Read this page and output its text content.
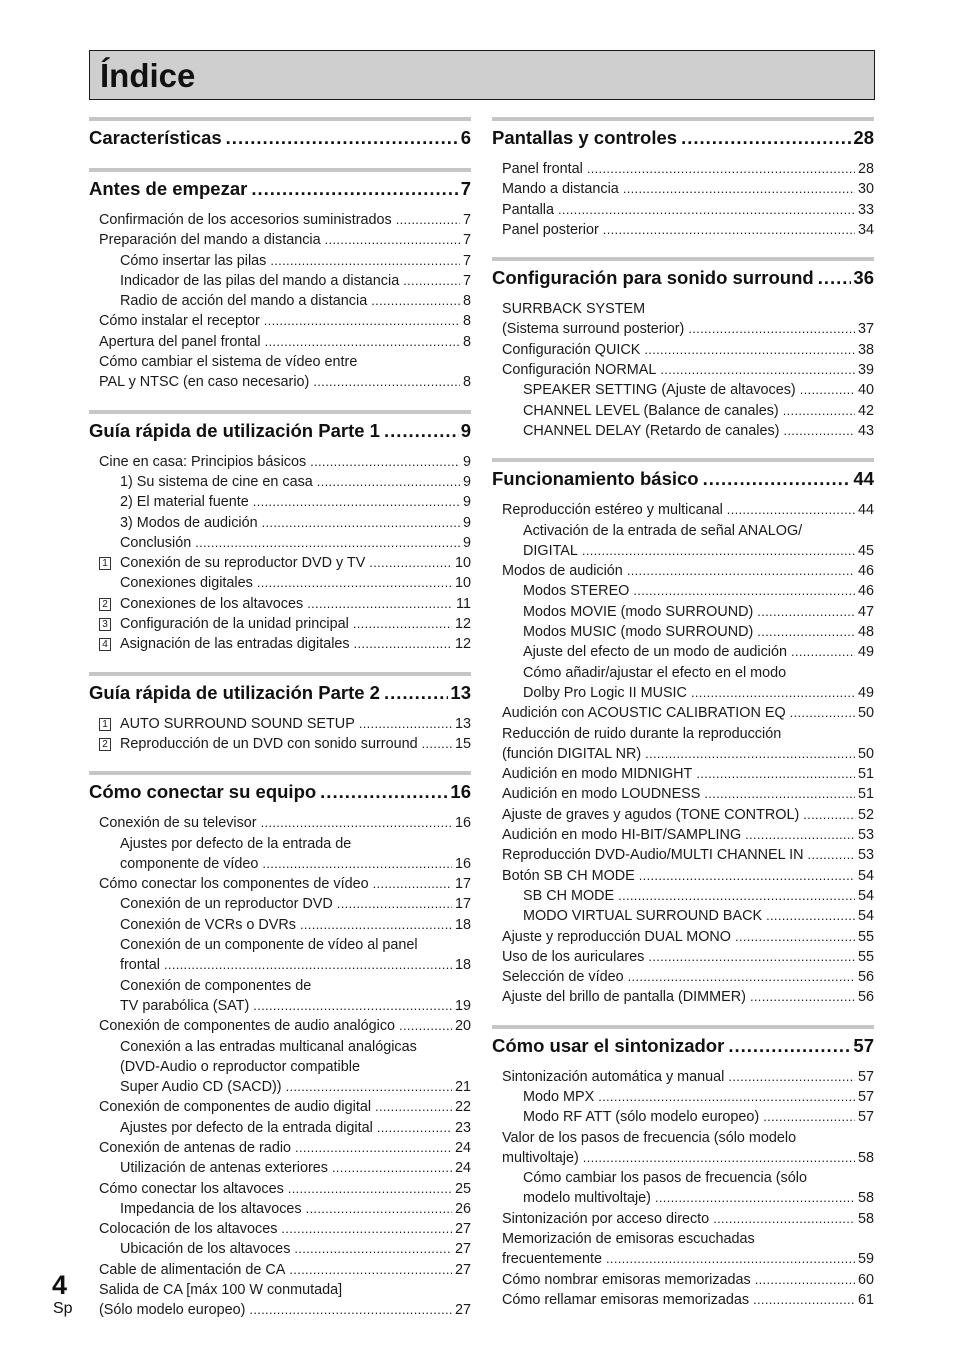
Índice
Características .....	6
Antes de empezar .....	7
Confirmación de los accesorios suministrados .....	7
Preparación del mando a distancia .....	7
Cómo insertar las pilas .....	7
Indicador de las pilas del mando a distancia .....	7
Radio de acción del mando a distancia .....	8
Cómo instalar el receptor .....	8
Apertura del panel frontal .....	8
Cómo cambiar el sistema de vídeo entre
PAL y NTSC (en caso necesario) .....	8
Guía rápida de utilización Parte 1 .....	9
Cine en casa: Principios básicos .....	9
1) Su sistema de cine en casa .....	9
2) El material fuente .....	9
3) Modos de audición .....	9
Conclusión .....	9
1 Conexión de su reproductor DVD y TV .....	10
Conexiones digitales .....	10
2 Conexiones de los altavoces .....	11
3 Configuración de la unidad principal .....	12
4 Asignación de las entradas digitales .....	12
Guía rápida de utilización Parte 2 .....	13
1 AUTO SURROUND SOUND SETUP .....	13
2 Reproducción de un DVD con sonido surround .....	15
Cómo conectar su equipo .....	16
Conexión de su televisor .....	16
Ajustes por defecto de la entrada de
componente de vídeo .....	16
Cómo conectar los componentes de vídeo .....	17
Conexión de un reproductor DVD .....	17
Conexión de VCRs o DVRs .....	18
Conexión de un componente de vídeo al panel
frontal .....	18
Conexión de componentes de
TV parabólica (SAT) .....	19
Conexión de componentes de audio analógico .....	20
Conexión a las entradas multicanal analógicas
(DVD-Audio o reproductor compatible
Super Audio CD (SACD)) .....	21
Conexión de componentes de audio digital .....	22
Ajustes por defecto de la entrada digital .....	23
Conexión de antenas de radio .....	24
Utilización de antenas exteriores .....	24
Cómo conectar los altavoces .....	25
Impedancia de los altavoces .....	26
Colocación de los altavoces .....	27
Ubicación de los altavoces .....	27
Cable de alimentación de CA .....	27
Salida de CA [máx 100 W conmutada]
(Sólo modelo europeo) .....	27
Pantallas y controles .....	28
Panel frontal .....	28
Mando a distancia .....	30
Pantalla .....	33
Panel posterior .....	34
Configuración para sonido surround ..... 36
SURRBACK SYSTEM
(Sistema surround posterior) .....	37
Configuración QUICK .....	38
Configuración NORMAL .....	39
SPEAKER SETTING (Ajuste de altavoces) .....	40
CHANNEL LEVEL (Balance de canales) .....	42
CHANNEL DELAY (Retardo de canales) .....	43
Funcionamiento básico .....	44
Reproducción estéreo y multicanal .....	44
Activación de la entrada de señal ANALOG/
DIGITAL .....	45
Modos de audición .....	46
Modos STEREO .....	46
Modos MOVIE (modo SURROUND) .....	47
Modos MUSIC (modo SURROUND) .....	48
Ajuste del efecto de un modo de audición .....	49
Cómo añadir/ajustar el efecto en el modo
Dolby Pro Logic II MUSIC .....	49
Audición con ACOUSTIC CALIBRATION EQ .....	50
Reducción de ruido durante la reproducción
(función DIGITAL NR) .....	50
Audición en modo MIDNIGHT .....	51
Audición en modo LOUDNESS .....	51
Ajuste de graves y agudos (TONE CONTROL) .....	52
Audición en modo HI-BIT/SAMPLING .....	53
Reproducción DVD-Audio/MULTI CHANNEL IN .....	53
Botón SB CH MODE .....	54
SB CH MODE .....	54
MODO VIRTUAL SURROUND BACK .....	54
Ajuste y reproducción DUAL MONO .....	55
Uso de los auriculares .....	55
Selección de vídeo .....	56
Ajuste del brillo de pantalla (DIMMER) .....	56
Cómo usar el sintonizador .....	57
Sintonización automática y manual .....	57
Modo MPX .....	57
Modo RF ATT (sólo modelo europeo) .....	57
Valor de los pasos de frecuencia (sólo modelo
multivoltaje) .....	58
Cómo cambiar los pasos de frecuencia (sólo
modelo multivoltaje) .....	58
Sintonización por acceso directo .....	58
Memorización de emisoras escuchadas
frecuentemente .....	59
Cómo nombrar emisoras memorizadas .....	60
Cómo rellamar emisoras memorizadas .....	61
4
Sp
